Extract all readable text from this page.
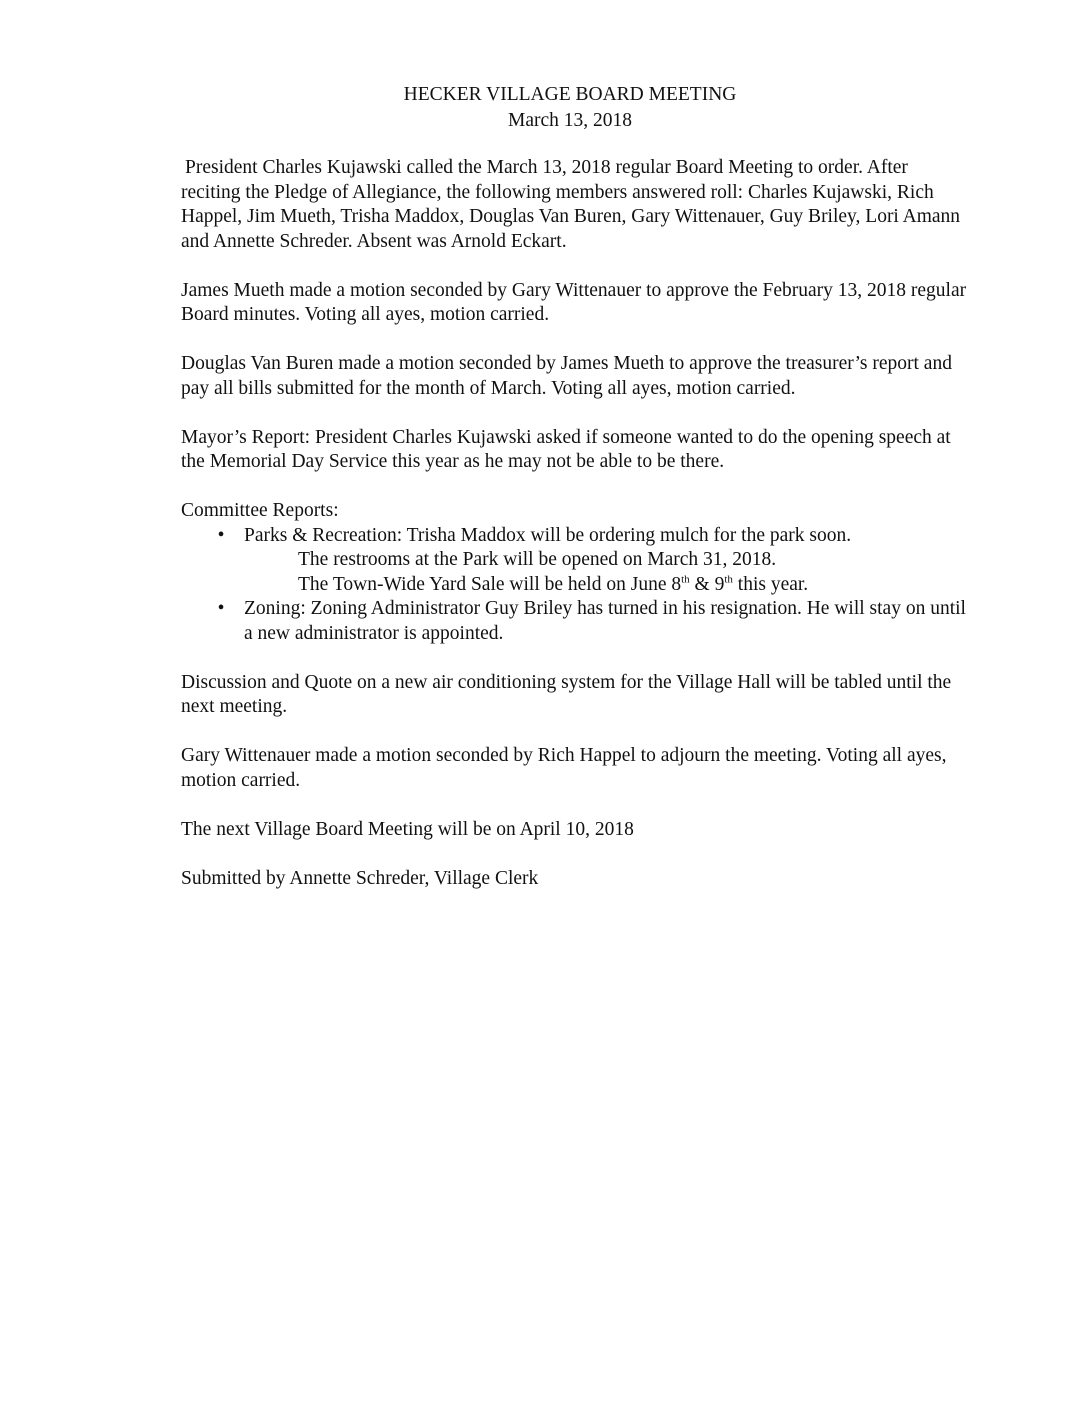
HECKER VILLAGE BOARD MEETING
March 13, 2018

President Charles Kujawski called the March 13, 2018 regular Board Meeting to order. After reciting the Pledge of Allegiance, the following members answered roll: Charles Kujawski, Rich Happel, Jim Mueth, Trisha Maddox, Douglas Van Buren, Gary Wittenauer, Guy Briley, Lori Amann and Annette Schreder. Absent was Arnold Eckart.

James Mueth made a motion seconded by Gary Wittenauer to approve the February 13, 2018 regular Board minutes. Voting all ayes, motion carried.

Douglas Van Buren made a motion seconded by James Mueth to approve the treasurer’s report and pay all bills submitted for the month of March. Voting all ayes, motion carried.

Mayor’s Report: President Charles Kujawski asked if someone wanted to do the opening speech at the Memorial Day Service this year as he may not be able to be there.

Committee Reports:
•	Parks & Recreation: Trisha Maddox will be ordering mulch for the park soon.
The restrooms at the Park will be opened on March 31, 2018.
The Town-Wide Yard Sale will be held on June 8th & 9th this year.
•	Zoning: Zoning Administrator Guy Briley has turned in his resignation. He will stay on until a new administrator is appointed.

Discussion and Quote on a new air conditioning system for the Village Hall will be tabled until the next meeting.

Gary Wittenauer made a motion seconded by Rich Happel to adjourn the meeting. Voting all ayes, motion carried.

The next Village Board Meeting will be on April 10, 2018

Submitted by Annette Schreder, Village Clerk
